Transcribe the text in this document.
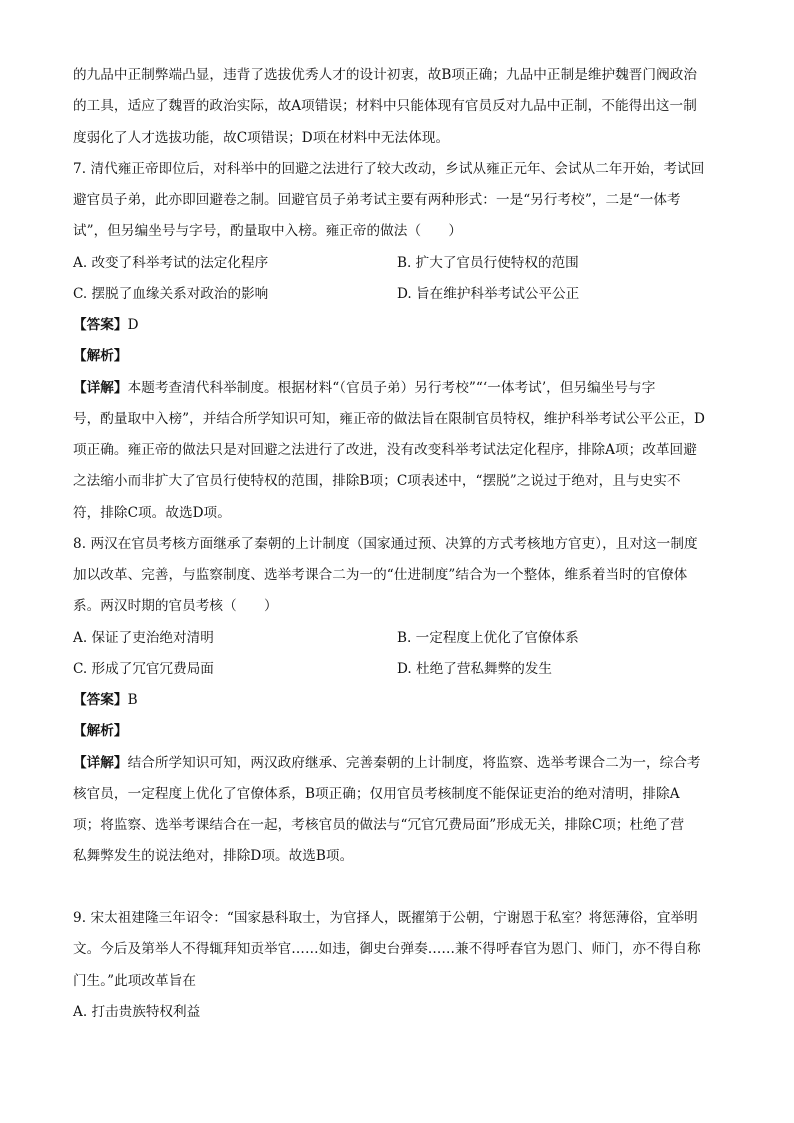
的九品中正制弊端凸显，违背了选拔优秀人才的设计初衷，故B项正确；九品中正制是维护魏晋门阀政治
的工具，适应了魏晋的政治实际，故A项错误；材料中只能体现有官员反对九品中正制，不能得出这一制
度弱化了人才选拔功能，故C项错误；D项在材料中无法体现。
7. 清代雍正帝即位后，对科举中的回避之法进行了较大改动，乡试从雍正元年、会试从二年开始，考试回
避官员子弟，此亦即回避卷之制。回避官员子弟考试主要有两种形式：一是“另行考校”，二是“一体考
试”，但另编坐号与字号，酌量取中入榜。雍正帝的做法（　　）
A. 改变了科举考试的法定化程序	B. 扩大了官员行使特权的范围
C. 摆脱了血缘关系对政治的影响	D. 旨在维护科举考试公平公正
【答案】D
【解析】
【详解】本题考查清代科举制度。根据材料“（官员子弟）另行考校”“‘一体考试’，但另编坐号与字
号，酌量取中入榜”，并结合所学知识可知，雍正帝的做法旨在限制官员特权，维护科举考试公平公正，D
项正确。雍正帝的做法只是对回避之法进行了改进，没有改变科举考试法定化程序，排除A项；改革回避
之法缩小而非扩大了官员行使特权的范围，排除B项；C项表述中，“摆脱”之说过于绝对，且与史实不
符，排除C项。故选D项。
8. 两汉在官员考核方面继承了秦朝的上计制度（国家通过预、决算的方式考核地方官吏），且对这一制度
加以改革、完善，与监察制度、选举考课合二为一的“仕进制度”结合为一个整体，维系着当时的官僚体
系。两汉时期的官员考核（　　）
A. 保证了吏治绝对清明	B. 一定程度上优化了官僚体系
C. 形成了冗官冗费局面	D. 杜绝了营私舞弊的发生
【答案】B
【解析】
【详解】结合所学知识可知，两汉政府继承、完善秦朝的上计制度，将监察、选举考课合二为一，综合考
核官员，一定程度上优化了官僚体系，B项正确；仅用官员考核制度不能保证吏治的绝对清明，排除A
项；将监察、选举考课结合在一起，考核官员的做法与“冗官冗费局面”形成无关，排除C项；杜绝了营
私舞弊发生的说法绝对，排除D项。故选B项。
9. 宋太祖建隆三年诏令：“国家悬科取士，为官择人，既擢第于公朝，宁谢恩于私室？将惩薄俗，宜举明
文。今后及第举人不得辄拜知贡举官……如违，御史台弹奏……兼不得呼春官为恩门、师门，亦不得自称
门生。”此项改革旨在
A. 打击贵族特权利益
